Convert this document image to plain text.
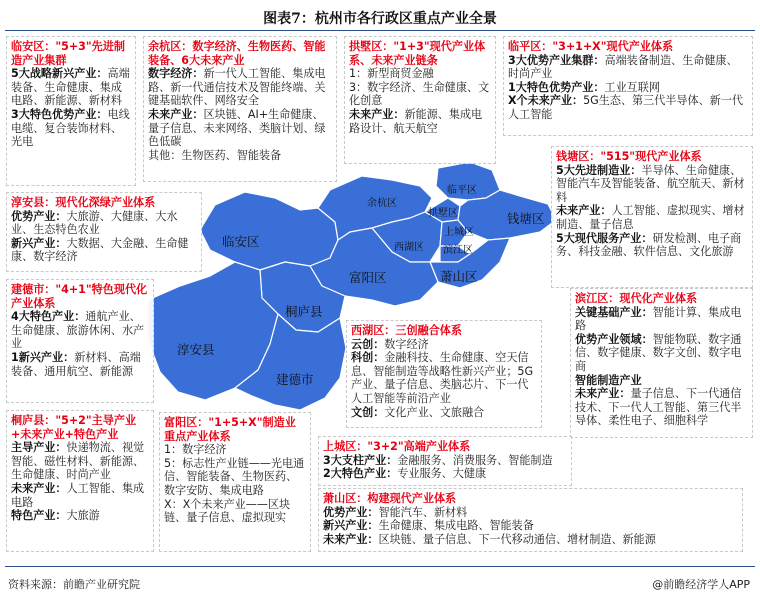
图表7：杭州市各行政区重点产业全景
临安区
余杭区
临平区
拱墅区
西湖区
上城区
滨江区
钱塘区
萧山区
富阳区
桐庐县
淳安县
建德市
临安区："5+3"先进制造产业集群
5大战略新兴产业：高端装备、生命健康、集成电路、新能源、新材料
3大特色优势产业：电线电缆、复合装饰材料、光电
余杭区：数字经济、生物医药、智能装备、6大未来产业
数字经济：新一代人工智能、集成电路、新一代通信技术及智能终端、关键基础软件、网络安全
未来产业：区块链、AI+生命健康、量子信息、未来网络、类脑计划、绿色低碳
其他：生物医药、智能装备
拱墅区："1+3"现代产业体系、未来产业链条
1：新型商贸金融
3：数字经济、生命健康、文化创意
未来产业：新能源、集成电路设计、航天航空
临平区："3+1+X"现代产业体系
3大优势产业集群：高端装备制造、生命健康、时尚产业
1大特色优势产业：工业互联网
X个未来产业：5G生态、第三代半导体、新一代人工智能
钱塘区："515"现代产业体系
5大先进制造业：半导体、生命健康、智能汽车及智能装备、航空航天、新材料
未来产业：人工智能、虚拟现实、增材制造、量子信息
5大现代服务产业：研发检测、电子商务、科技金融、软件信息、文化旅游
淳安县：现代化深绿产业体系
优势产业：大旅游、大健康、大水业、生态特色农业
新兴产业：大数据、大金融、生命健康、数字经济
建德市："4+1"特色现代化产业体系
4大特色产业：通航产业、生命健康、旅游休闲、水产业
1新兴产业：新材料、高端装备、通用航空、新能源
西湖区：三创融合体系
云创：数字经济
科创：金融科技、生命健康、空天信息、智能制造等战略性新兴产业；5G产业、量子信息、类脑芯片、下一代人工智能等前沿产业
文创：文化产业、文旅融合
滨江区：现代化产业体系
关键基础产业：智能计算、集成电路
优势产业领域：智能物联、数字通信、数字健康、数字文创、数字电商
智能制造产业
未来产业：量子信息、下一代通信技术、下一代人工智能、第三代半导体、柔性电子、细胞科学
桐庐县："5+2"主导产业+未来产业+特色产业
主导产业：快递物流、视觉智能、磁性材料、新能源、生命健康、时尚产业
未来产业：人工智能、集成电路
特色产业：大旅游
富阳区："1+5+X"制造业重点产业体系
1：数字经济
5：标志性产业链——光电通信、智能装备、生物医药、数字安防、集成电路
X：X个未来产业——区块链、量子信息、虚拟现实
上城区："3+2"高端产业体系
3大支柱产业：金融服务、消费服务、智能制造
2大特色产业：专业服务、大健康
萧山区：构建现代产业体系
优势产业：智能汽车、新材料
新兴产业：生命健康、集成电路、智能装备
未来产业：区块链、量子信息、下一代移动通信、增材制造、新能源
资料来源：前瞻产业研究院	@前瞻经济学人APP
